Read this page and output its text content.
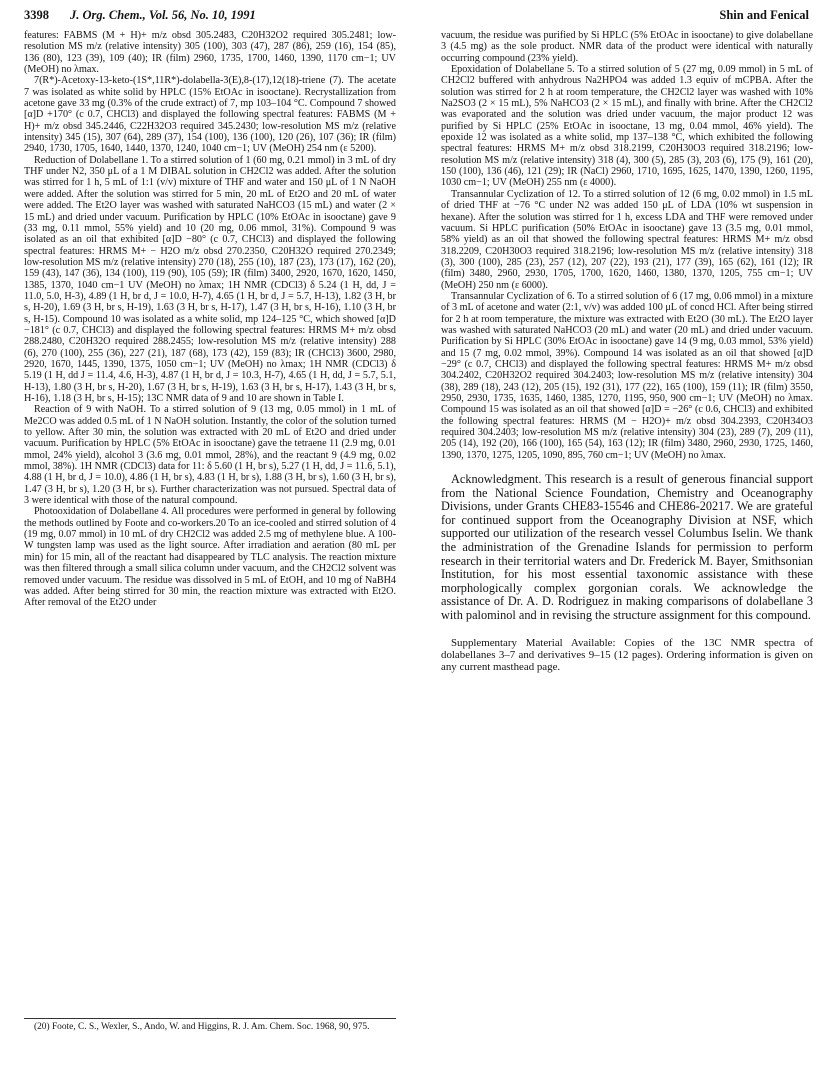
3398 J. Org. Chem., Vol. 56, No. 10, 1991	Shin and Fenical

features: FABMS (M + H)+ m/z obsd 305.2483, C20H32O2 required 305.2481; low-resolution MS m/z (relative intensity) 305 (100), 303 (47), 287 (86), 259 (16), 154 (85), 136 (80), 123 (39), 109 (40); IR (film) 2960, 1735, 1700, 1460, 1390, 1170 cm−1; UV (MeOH) no λmax.

7(R*)-Acetoxy-13-keto-(1S*,11R*)-dolabella-3(E),8-(17),12(18)-triene (7). The acetate 7 was isolated as white solid by HPLC (15% EtOAc in isooctane). Recrystallization from acetone gave 33 mg (0.3% of the crude extract) of 7, mp 103–104 °C. Compound 7 showed [α]D +170° (c 0.7, CHCl3) and displayed the following spectral features: FABMS (M + H)+ m/z obsd 345.2446, C22H32O3 required 345.2430; low-resolution MS m/z (relative intensity) 345 (15), 307 (64), 289 (37), 154 (100), 136 (100), 120 (26), 107 (36); IR (film) 2940, 1730, 1705, 1640, 1440, 1370, 1240, 1040 cm−1; UV (MeOH) 254 nm (ε 5200).

Reduction of Dolabellane 1. To a stirred solution of 1 (60 mg, 0.21 mmol) in 3 mL of dry THF under N2, 350 μL of a 1 M DIBAL solution in CH2Cl2 was added. After the solution was stirred for 1 h, 5 mL of 1:1 (v/v) mixture of THF and water and 150 μL of 1 N NaOH were added. After the solution was stirred for 5 min, 20 mL of Et2O and 20 mL of water were added. The Et2O layer was washed with saturated NaHCO3 (15 mL) and water (2 × 15 mL) and dried under vacuum. Purification by HPLC (10% EtOAc in isooctane) gave 9 (33 mg, 0.11 mmol, 55% yield) and 10 (20 mg, 0.06 mmol, 31%). Compound 9 was isolated as an oil that exhibited [α]D −80° (c 0.7, CHCl3) and displayed the following spectral features: HRMS M+ − H2O m/z obsd 270.2350, C20H32O required 270.2349; low-resolution MS m/z (relative intensity) 270 (18), 255 (10), 187 (23), 173 (17), 162 (20), 159 (43), 147 (36), 134 (100), 119 (90), 105 (59); IR (film) 3400, 2920, 1670, 1620, 1450, 1385, 1370, 1040 cm−1 UV (MeOH) no λmax; 1H NMR (CDCl3) δ 5.24 (1 H, dd, J = 11.0, 5.0, H-3), 4.89 (1 H, br d, J = 10.0, H-7), 4.65 (1 H, br d, J = 5.7, H-13), 1.82 (3 H, br s, H-20), 1.69 (3 H, br s, H-19), 1.63 (3 H, br s, H-17), 1.47 (3 H, br s, H-16), 1.10 (3 H, br s, H-15). Compound 10 was isolated as a white solid, mp 124–125 °C, which showed [α]D −181° (c 0.7, CHCl3) and displayed the following spectral features: HRMS M+ m/z obsd 288.2480, C20H32O required 288.2455; low-resolution MS m/z (relative intensity) 288 (6), 270 (100), 255 (36), 227 (21), 187 (68), 173 (42), 159 (83); IR (CHCl3) 3600, 2980, 2920, 1670, 1445, 1390, 1375, 1050 cm−1; UV (MeOH) no λmax; 1H NMR (CDCl3) δ 5.19 (1 H, dd J = 11.4, 4.6, H-3), 4.87 (1 H, br d, J = 10.3, H-7), 4.65 (1 H, dd, J = 5.7, 5.1, H-13), 1.80 (3 H, br s, H-20), 1.67 (3 H, br s, H-19), 1.63 (3 H, br s, H-17), 1.43 (3 H, br s, H-16), 1.18 (3 H, br s, H-15); 13C NMR data of 9 and 10 are shown in Table I.

Reaction of 9 with NaOH. To a stirred solution of 9 (13 mg, 0.05 mmol) in 1 mL of Me2CO was added 0.5 mL of 1 N NaOH solution. Instantly, the color of the solution turned to yellow. After 30 min, the solution was extracted with 20 mL of Et2O and dried under vacuum. Purification by HPLC (5% EtOAc in isooctane) gave the tetraene 11 (2.9 mg, 0.01 mmol, 24% yield), alcohol 3 (3.6 mg, 0.01 mmol, 28%), and the reactant 9 (4.9 mg, 0.02 mmol, 38%). 1H NMR (CDCl3) data for 11: δ 5.60 (1 H, br s), 5.27 (1 H, dd, J = 11.6, 5.1), 4.88 (1 H, br d, J = 10.0), 4.86 (1 H, br s), 4.83 (1 H, br s), 1.88 (3 H, br s), 1.60 (3 H, br s), 1.47 (3 H, br s), 1.20 (3 H, br s). Further characterization was not pursued. Spectral data of 3 were identical with those of the natural compound.

Photooxidation of Dolabellane 4. All procedures were performed in general by following the methods outlined by Foote and co-workers.20 To an ice-cooled and stirred solution of 4 (19 mg, 0.07 mmol) in 10 mL of dry CH2Cl2 was added 2.5 mg of methylene blue. A 100-W tungsten lamp was used as the light source. After irradiation and aeration (80 mL per min) for 15 min, all of the reactant had disappeared by TLC analysis. The reaction mixture was then filtered through a small silica column under vacuum, and the CH2Cl2 solvent was removed under vacuum. The residue was dissolved in 5 mL of EtOH, and 10 mg of NaBH4 was added. After being stirred for 30 min, the reaction mixture was extracted with Et2O. After removal of the Et2O under

vacuum, the residue was purified by Si HPLC (5% EtOAc in isooctane) to give dolabellane 3 (4.5 mg) as the sole product. NMR data of the product were identical with naturally occurring compound (23% yield).

Epoxidation of Dolabellane 5. To a stirred solution of 5 (27 mg, 0.09 mmol) in 5 mL of CH2Cl2 buffered with anhydrous Na2HPO4 was added 1.3 equiv of mCPBA. After the solution was stirred for 2 h at room temperature, the CH2Cl2 layer was washed with 10% Na2SO3 (2 × 15 mL), 5% NaHCO3 (2 × 15 mL), and finally with brine. After the CH2Cl2 was evaporated and the solution was dried under vacuum, the major product 12 was purified by Si HPLC (25% EtOAc in isooctane, 13 mg, 0.04 mmol, 46% yield). The epoxide 12 was isolated as a white solid, mp 137–138 °C, which exhibited the following spectral features: HRMS M+ m/z obsd 318.2199, C20H30O3 required 318.2196; low-resolution MS m/z (relative intensity) 318 (4), 300 (5), 285 (3), 203 (6), 175 (9), 161 (20), 150 (100), 136 (46), 121 (29); IR (NaCl) 2960, 1710, 1695, 1625, 1470, 1390, 1260, 1195, 1030 cm−1; UV (MeOH) 255 nm (ε 4000).

Transannular Cyclization of 12. To a stirred solution of 12 (6 mg, 0.02 mmol) in 1.5 mL of dried THF at −76 °C under N2 was added 150 μL of LDA (10% wt suspension in hexane). After the solution was stirred for 1 h, excess LDA and THF were removed under vacuum. Si HPLC purification (50% EtOAc in isooctane) gave 13 (3.5 mg, 0.01 mmol, 58% yield) as an oil that showed the following spectral features: HRMS M+ m/z obsd 318.2209, C20H30O3 required 318.2196; low-resolution MS m/z (relative intensity) 318 (3), 300 (100), 285 (23), 257 (12), 207 (22), 193 (21), 177 (39), 165 (62), 161 (12); IR (film) 3480, 2960, 2930, 1705, 1700, 1620, 1460, 1380, 1370, 1205, 755 cm−1; UV (MeOH) 250 nm (ε 6000).

Transannular Cyclization of 6. To a stirred solution of 6 (17 mg, 0.06 mmol) in a mixture of 3 mL of acetone and water (2:1, v/v) was added 100 μL of concd HCl. After being stirred for 2 h at room temperature, the mixture was extracted with Et2O (30 mL). The Et2O layer was washed with saturated NaHCO3 (20 mL) and water (20 mL) and dried under vacuum. Purification by Si HPLC (30% EtOAc in isooctane) gave 14 (9 mg, 0.03 mmol, 53% yield) and 15 (7 mg, 0.02 mmol, 39%). Compound 14 was isolated as an oil that showed [α]D −29° (c 0.7, CHCl3) and displayed the following spectral features: HRMS M+ m/z obsd 304.2402, C20H32O2 required 304.2403; low-resolution MS m/z (relative intensity) 304 (38), 289 (18), 243 (12), 205 (15), 192 (31), 177 (22), 165 (100), 159 (11); IR (film) 3550, 2950, 2930, 1735, 1635, 1460, 1385, 1270, 1195, 950, 900 cm−1; UV (MeOH) no λmax. Compound 15 was isolated as an oil that showed [α]D = −26° (c 0.6, CHCl3) and exhibited the following spectral features: HRMS (M − H2O)+ m/z obsd 304.2393, C20H34O3 required 304.2403; low-resolution MS m/z (relative intensity) 304 (23), 289 (7), 209 (11), 205 (14), 192 (20), 166 (100), 165 (54), 163 (12); IR (film) 3480, 2960, 2930, 1725, 1460, 1390, 1370, 1275, 1205, 1090, 895, 760 cm−1; UV (MeOH) no λmax.

Acknowledgment. This research is a result of generous financial support from the National Science Foundation, Chemistry and Oceanography Divisions, under Grants CHE83-15546 and CHE86-20217. We are grateful for continued support from the Oceanography Division at NSF, which supported our utilization of the research vessel Columbus Iselin. We thank the administration of the Grenadine Islands for permission to perform research in their territorial waters and Dr. Frederick M. Bayer, Smithsonian Institution, for his most essential taxonomic assistance with these morphologically complex gorgonian corals. We acknowledge the assistance of Dr. A. D. Rodriguez in making comparisons of dolabellane 3 with palominol and in revising the structure assignment for this compound.

Supplementary Material Available: Copies of the 13C NMR spectra of dolabellanes 3–7 and derivatives 9–15 (12 pages). Ordering information is given on any current masthead page.

(20) Foote, C. S., Wexler, S., Ando, W. and Higgins, R. J. Am. Chem. Soc. 1968, 90, 975.
